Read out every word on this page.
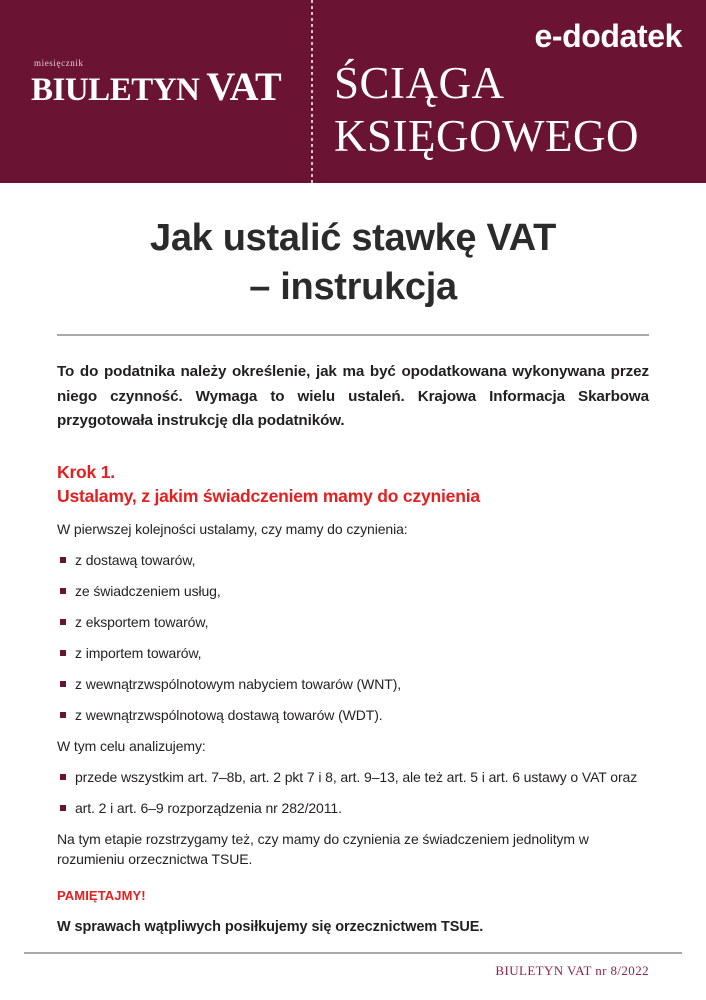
miesięcznik
BIULETYN VAT
e-dodatek
ŚCIĄGA
KSIĘGOWEGO
Jak ustalić stawkę VAT
– instrukcja

To do podatnika należy określenie, jak ma być opodatkowana wykonywana przez niego czynność. Wymaga to wielu ustaleń. Krajowa Informacja Skarbowa przygotowała instrukcję dla podatników.

Krok 1.
Ustalamy, z jakim świadczeniem mamy do czynienia

W pierwszej kolejności ustalamy, czy mamy do czynienia:

z dostawą towarów,
ze świadczeniem usług,
z eksportem towarów,
z importem towarów,
z wewnątrzwspólnotowym nabyciem towarów (WNT),
z wewnątrzwspólnotową dostawą towarów (WDT).

W tym celu analizujemy:

przede wszystkim art. 7–8b, art. 2 pkt 7 i 8, art. 9–13, ale też art. 5 i art. 6 ustawy o VAT oraz
art. 2 i art. 6–9 rozporządzenia nr 282/2011.

Na tym etapie rozstrzygamy też, czy mamy do czynienia ze świadczeniem jednolitym w rozumieniu orzecznictwa TSUE.

PAMIĘTAJMY!
W sprawach wątpliwych posiłkujemy się orzecznictwem TSUE.
BIULETYN VAT nr 8/2022
